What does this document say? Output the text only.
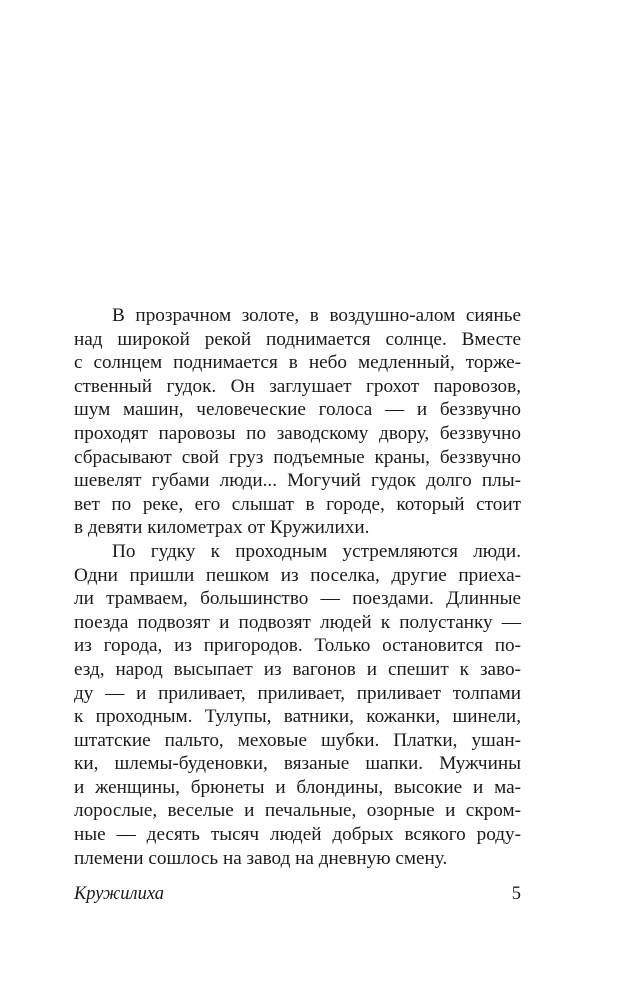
В прозрачном золоте, в воздушно-алом сиянье
над широкой рекой поднимается солнце. Вместе
с солнцем поднимается в небо медленный, торже-
ственный гудок. Он заглушает грохот паровозов,
шум машин, человеческие голоса — и беззвучно
проходят паровозы по заводскому двору, беззвучно
сбрасывают свой груз подъемные краны, беззвучно
шевелят губами люди... Могучий гудок долго плы-
вет по реке, его слышат в городе, который стоит
в девяти километрах от Кружилихи.
По гудку к проходным устремляются люди.
Одни пришли пешком из поселка, другие приеха-
ли трамваем, большинство — поездами. Длинные
поезда подвозят и подвозят людей к полустанку —
из города, из пригородов. Только остановится по-
езд, народ высыпает из вагонов и спешит к заво-
ду — и приливает, приливает, приливает толпами
к проходным. Тулупы, ватники, кожанки, шинели,
штатские пальто, меховые шубки. Платки, ушан-
ки, шлемы-буденовки, вязаные шапки. Мужчины
и женщины, брюнеты и блондины, высокие и ма-
лорослые, веселые и печальные, озорные и скром-
ные — десять тысяч людей добрых всякого роду-
племени сошлось на завод на дневную смену.
Кружилиха	5
